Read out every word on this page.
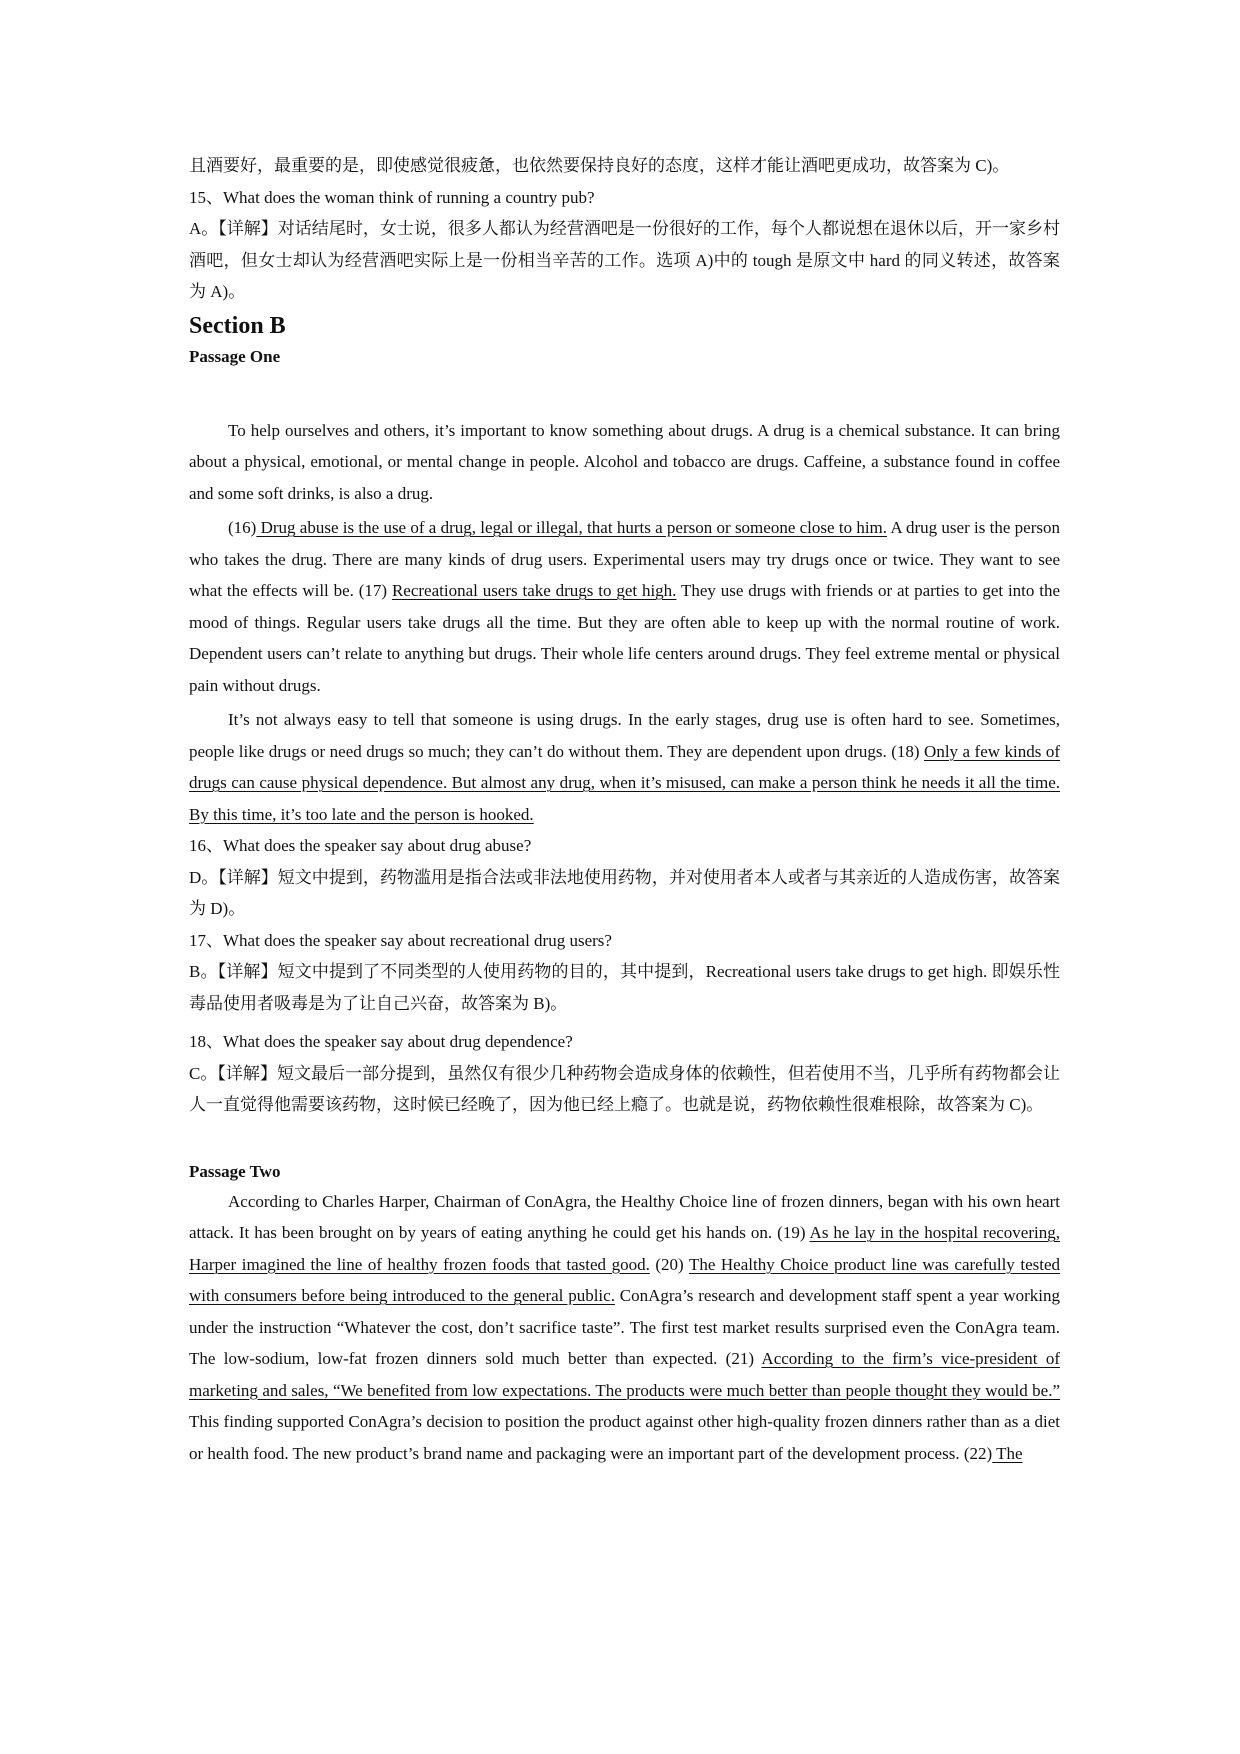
且酒要好，最重要的是，即使感觉很疲惫，也依然要保持良好的态度，这样才能让酒吧更成功，故答案为 C)。

15、What does the woman think of running a country pub?

A。【详解】对话结尾时，女士说，很多人都认为经营酒吧是一份很好的工作，每个人都说想在退休以后，开一家乡村酒吧，但女士却认为经营酒吧实际上是一份相当辛苦的工作。选项 A)中的 tough 是原文中 hard 的同义转述，故答案为 A)。

Section B
Passage One

To help ourselves and others, it’s important to know something about drugs. A drug is a chemical substance. It can bring about a physical, emotional, or mental change in people. Alcohol and tobacco are drugs. Caffeine, a substance found in coffee and some soft drinks, is also a drug.

(16) Drug abuse is the use of a drug, legal or illegal, that hurts a person or someone close to him. A drug user is the person who takes the drug. There are many kinds of drug users. Experimental users may try drugs once or twice. They want to see what the effects will be. (17) Recreational users take drugs to get high. They use drugs with friends or at parties to get into the mood of things. Regular users take drugs all the time. But they are often able to keep up with the normal routine of work. Dependent users can’t relate to anything but drugs. Their whole life centers around drugs. They feel extreme mental or physical pain without drugs.

It’s not always easy to tell that someone is using drugs. In the early stages, drug use is often hard to see. Sometimes, people like drugs or need drugs so much; they can’t do without them. They are dependent upon drugs. (18) Only a few kinds of drugs can cause physical dependence. But almost any drug, when it’s misused, can make a person think he needs it all the time. By this time, it’s too late and the person is hooked.

16、What does the speaker say about drug abuse?

D。【详解】短文中提到，药物滥用是指合法或非法地使用药物，并对使用者本人或者与其亲近的人造成伤害，故答案为 D)。

17、What does the speaker say about recreational drug users?

B。【详解】短文中提到了不同类型的人使用药物的目的，其中提到，Recreational users take drugs to get high. 即娱乐性毒品使用者吸毒是为了让自己兴奋，故答案为 B)。

18、What does the speaker say about drug dependence?

C。【详解】短文最后一部分提到，虽然仅有很少几种药物会造成身体的依赖性，但若使用不当，几乎所有药物都会让人一直觉得他需要该药物，这时候已经晚了，因为他已经上瘾了。也就是说，药物依赖性很难根除，故答案为 C)。

Passage Two

According to Charles Harper, Chairman of ConAgra, the Healthy Choice line of frozen dinners, began with his own heart attack. It has been brought on by years of eating anything he could get his hands on. (19) As he lay in the hospital recovering, Harper imagined the line of healthy frozen foods that tasted good. (20) The Healthy Choice product line was carefully tested with consumers before being introduced to the general public. ConAgra’s research and development staff spent a year working under the instruction “Whatever the cost, don’t sacrifice taste”. The first test market results surprised even the ConAgra team. The low-sodium, low-fat frozen dinners sold much better than expected. (21) According to the firm’s vice-president of marketing and sales, “We benefited from low expectations. The products were much better than people thought they would be.” This finding supported ConAgra’s decision to position the product against other high-quality frozen dinners rather than as a diet or health food. The new product’s brand name and packaging were an important part of the development process. (22) The
